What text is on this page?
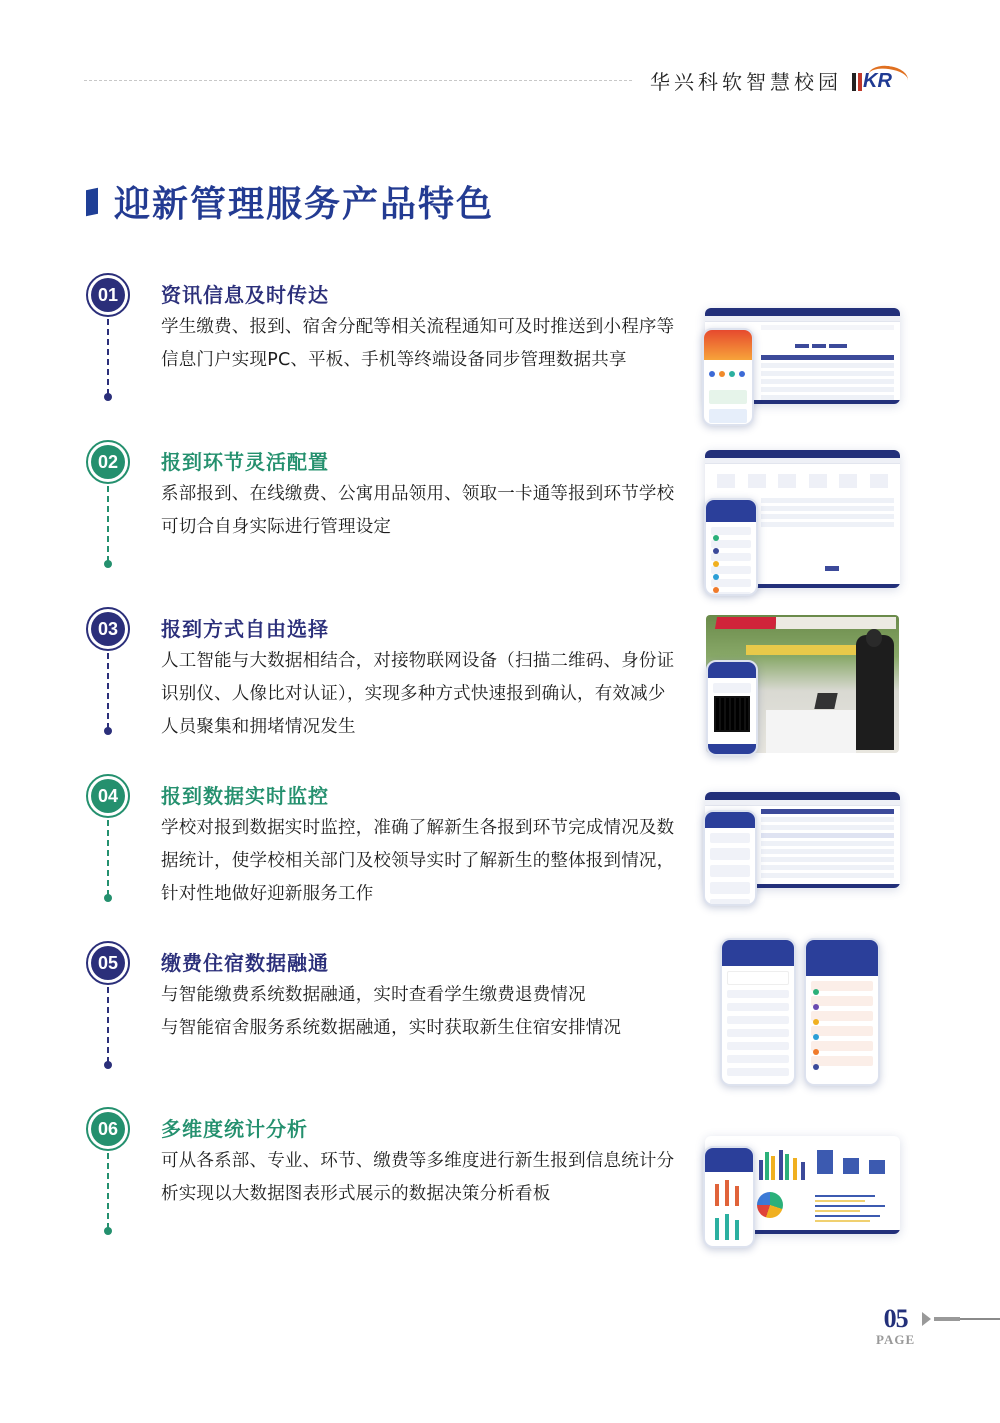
华兴科软智慧校园 KR
迎新管理服务产品特色
01	资讯信息及时传达
学生缴费、报到、宿舍分配等相关流程通知可及时推送到小程序等信息门户实现PC、平板、手机等终端设备同步管理数据共享
02	报到环节灵活配置
系部报到、在线缴费、公寓用品领用、领取一卡通等报到环节学校可切合自身实际进行管理设定
03	报到方式自由选择
人工智能与大数据相结合，对接物联网设备（扫描二维码、身份证识别仪、人像比对认证），实现多种方式快速报到确认，有效减少人员聚集和拥堵情况发生
04	报到数据实时监控
学校对报到数据实时监控，准确了解新生各报到环节完成情况及数据统计，使学校相关部门及校领导实时了解新生的整体报到情况，针对性地做好迎新服务工作
05	缴费住宿数据融通
与智能缴费系统数据融通，实时查看学生缴费退费情况
与智能宿舍服务系统数据融通，实时获取新生住宿安排情况
06	多维度统计分析
可从各系部、专业、环节、缴费等多维度进行新生报到信息统计分析实现以大数据图表形式展示的数据决策分析看板
05
PAGE
